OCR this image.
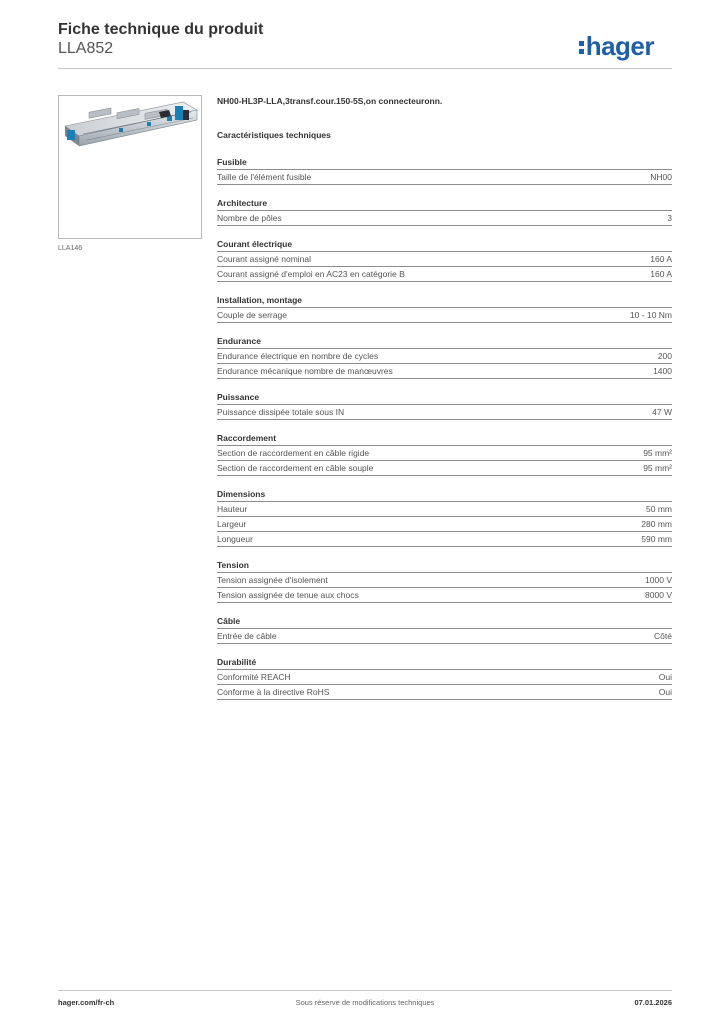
Fiche technique du produit
LLA852	hager
LLA146
NH00-HL3P-LLA,3transf.cour.150-5S,on connecteuronn.
Caractéristiques techniques
Fusible
Taille de l'élément fusible	NH00
Architecture
Nombre de pôles	3
Courant électrique
Courant assigné nominal	160 A
Courant assigné d'emploi en AC23 en catégorie B	160 A
Installation, montage
Couple de serrage	10 - 10 Nm
Endurance
Endurance électrique en nombre de cycles	200
Endurance mécanique nombre de manœuvres	1400
Puissance
Puissance dissipée totale sous IN	47 W
Raccordement
Section de raccordement en câble rigide	95 mm²
Section de raccordement en câble souple	95 mm²
Dimensions
Hauteur	50 mm
Largeur	280 mm
Longueur	590 mm
Tension
Tension assignée d'isolement	1000 V
Tension assignée de tenue aux chocs	8000 V
Câble
Entrée de câble	Côté
Durabilité
Conformité REACH	Oui
Conforme à la directive RoHS	Oui
Sous réserve de modifications techniques
hager.com/fr-ch	07.01.2026
